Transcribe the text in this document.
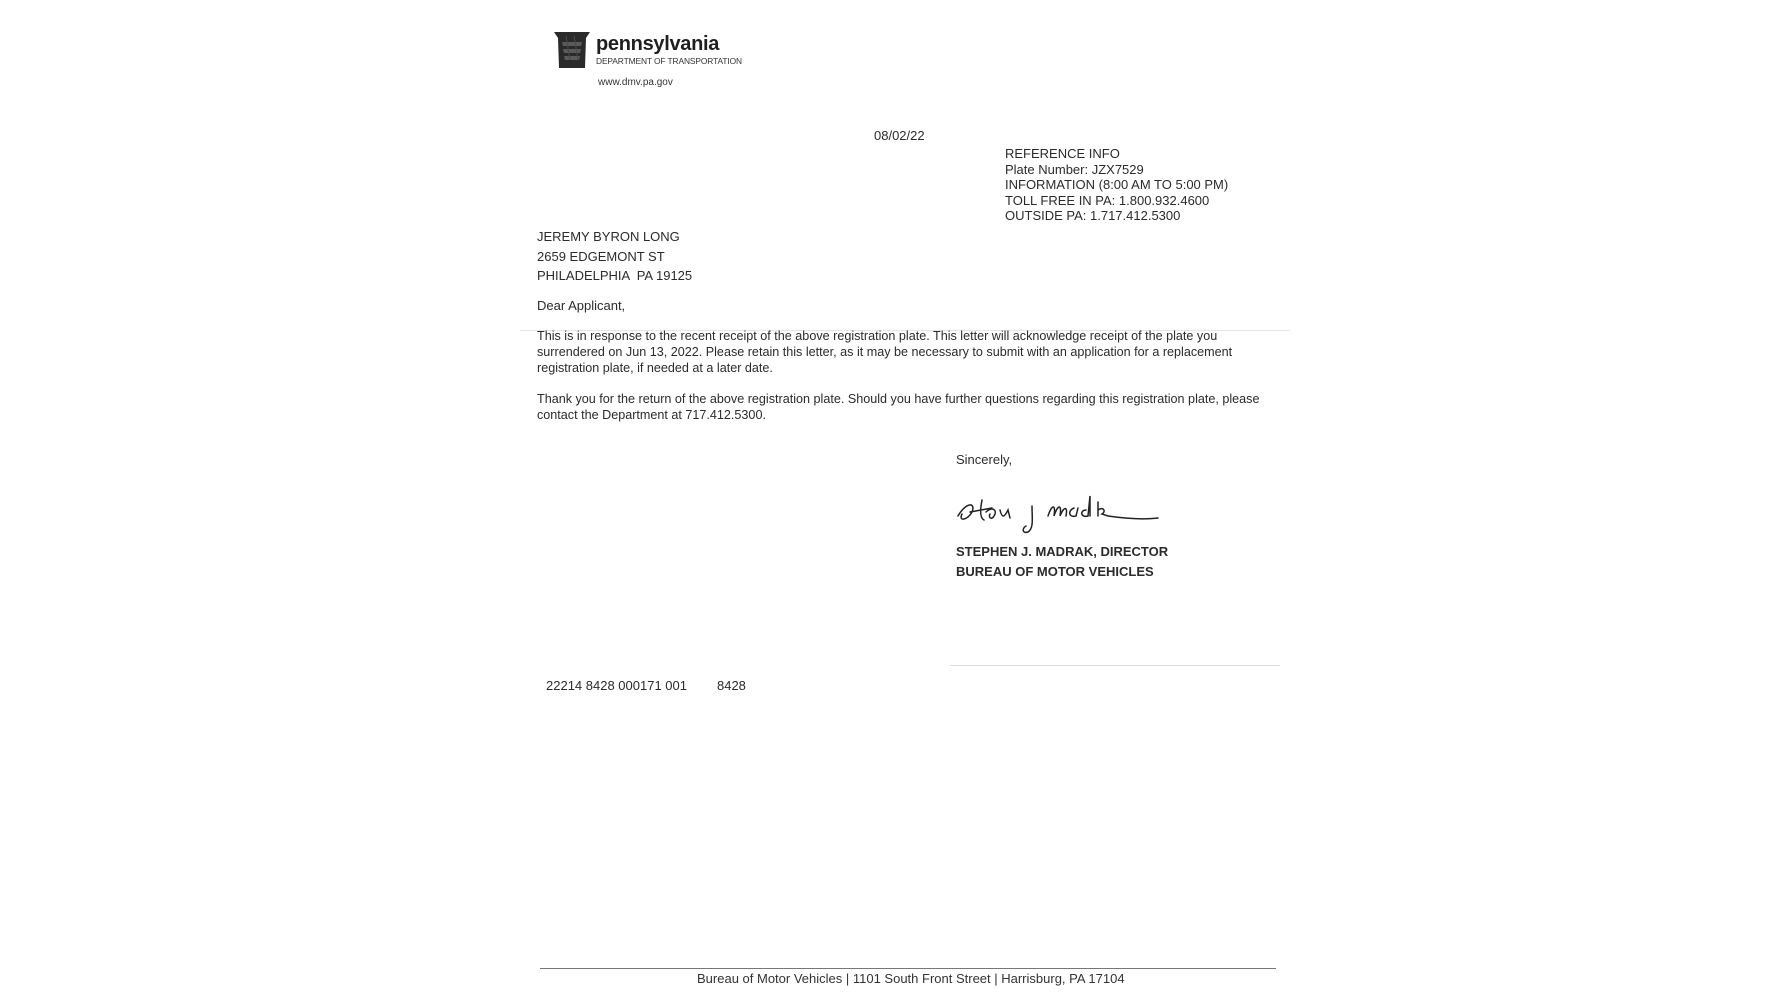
pennsylvania
DEPARTMENT OF TRANSPORTATION
www.dmv.pa.gov
08/02/22
REFERENCE INFO
Plate Number: JZX7529
INFORMATION (8:00 AM TO 5:00 PM)
TOLL FREE IN PA: 1.800.932.4600
OUTSIDE PA: 1.717.412.5300
JEREMY BYRON LONG
2659 EDGEMONT ST
PHILADELPHIA  PA 19125
Dear Applicant,
This is in response to the recent receipt of the above registration plate. This letter will acknowledge receipt of the plate you surrendered on Jun 13, 2022. Please retain this letter, as it may be necessary to submit with an application for a replacement registration plate, if needed at a later date.
Thank you for the return of the above registration plate. Should you have further questions regarding this registration plate, please contact the Department at 717.412.5300.
Sincerely,
STEPHEN J. MADRAK, DIRECTOR
BUREAU OF MOTOR VEHICLES
22214 8428 000171 001 8428
Bureau of Motor Vehicles | 1101 South Front Street | Harrisburg, PA 17104
